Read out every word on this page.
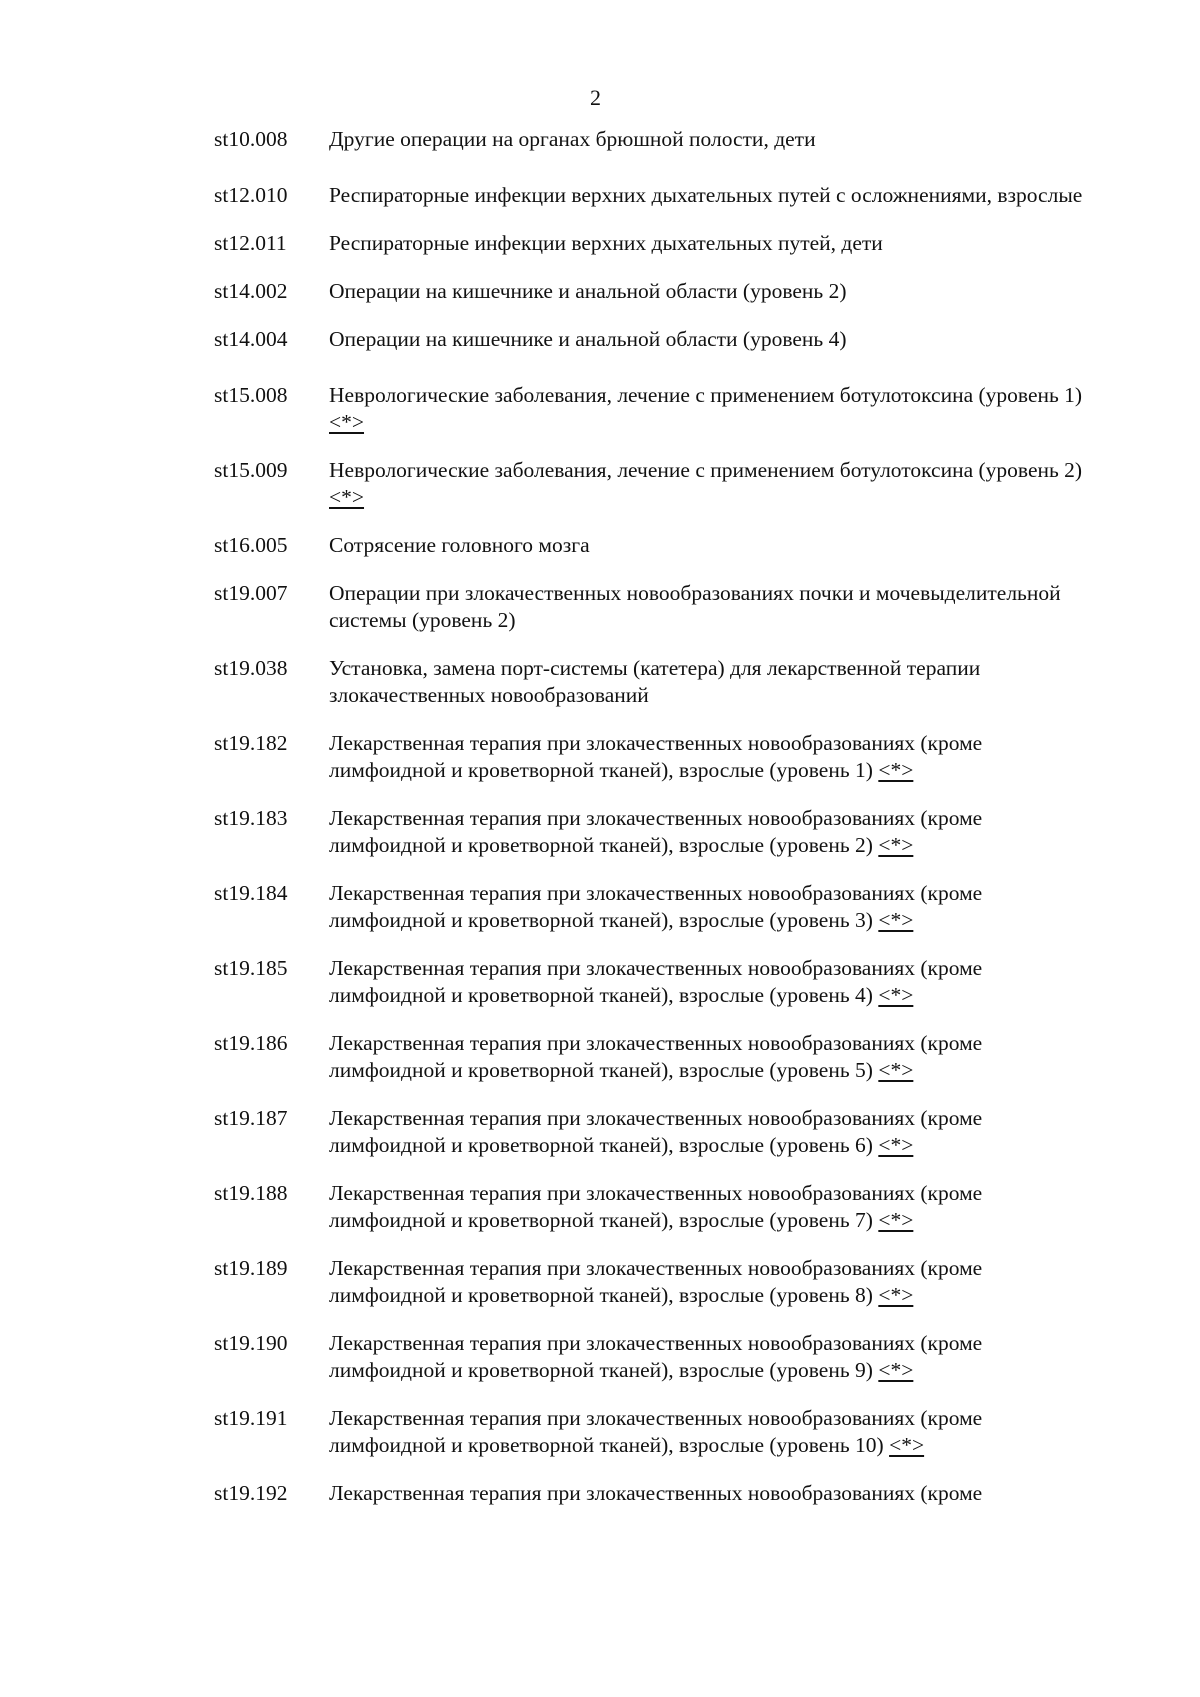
2
st10.008	Другие операции на органах брюшной полости, дети
st12.010	Респираторные инфекции верхних дыхательных путей с осложнениями, взрослые
st12.011	Респираторные инфекции верхних дыхательных путей, дети
st14.002	Операции на кишечнике и анальной области (уровень 2)
st14.004	Операции на кишечнике и анальной области (уровень 4)
st15.008	Неврологические заболевания, лечение с применением ботулотоксина (уровень 1) <*>
st15.009	Неврологические заболевания, лечение с применением ботулотоксина (уровень 2) <*>
st16.005	Сотрясение головного мозга
st19.007	Операции при злокачественных новообразованиях почки и мочевыделительной системы (уровень 2)
st19.038	Установка, замена порт-системы (катетера) для лекарственной терапии злокачественных новообразований
st19.182	Лекарственная терапия при злокачественных новообразованиях (кроме лимфоидной и кроветворной тканей), взрослые (уровень 1) <*>
st19.183	Лекарственная терапия при злокачественных новообразованиях (кроме лимфоидной и кроветворной тканей), взрослые (уровень 2) <*>
st19.184	Лекарственная терапия при злокачественных новообразованиях (кроме лимфоидной и кроветворной тканей), взрослые (уровень 3) <*>
st19.185	Лекарственная терапия при злокачественных новообразованиях (кроме лимфоидной и кроветворной тканей), взрослые (уровень 4) <*>
st19.186	Лекарственная терапия при злокачественных новообразованиях (кроме лимфоидной и кроветворной тканей), взрослые (уровень 5) <*>
st19.187	Лекарственная терапия при злокачественных новообразованиях (кроме лимфоидной и кроветворной тканей), взрослые (уровень 6) <*>
st19.188	Лекарственная терапия при злокачественных новообразованиях (кроме лимфоидной и кроветворной тканей), взрослые (уровень 7) <*>
st19.189	Лекарственная терапия при злокачественных новообразованиях (кроме лимфоидной и кроветворной тканей), взрослые (уровень 8) <*>
st19.190	Лекарственная терапия при злокачественных новообразованиях (кроме лимфоидной и кроветворной тканей), взрослые (уровень 9) <*>
st19.191	Лекарственная терапия при злокачественных новообразованиях (кроме лимфоидной и кроветворной тканей), взрослые (уровень 10) <*>
st19.192	Лекарственная терапия при злокачественных новообразованиях (кроме
